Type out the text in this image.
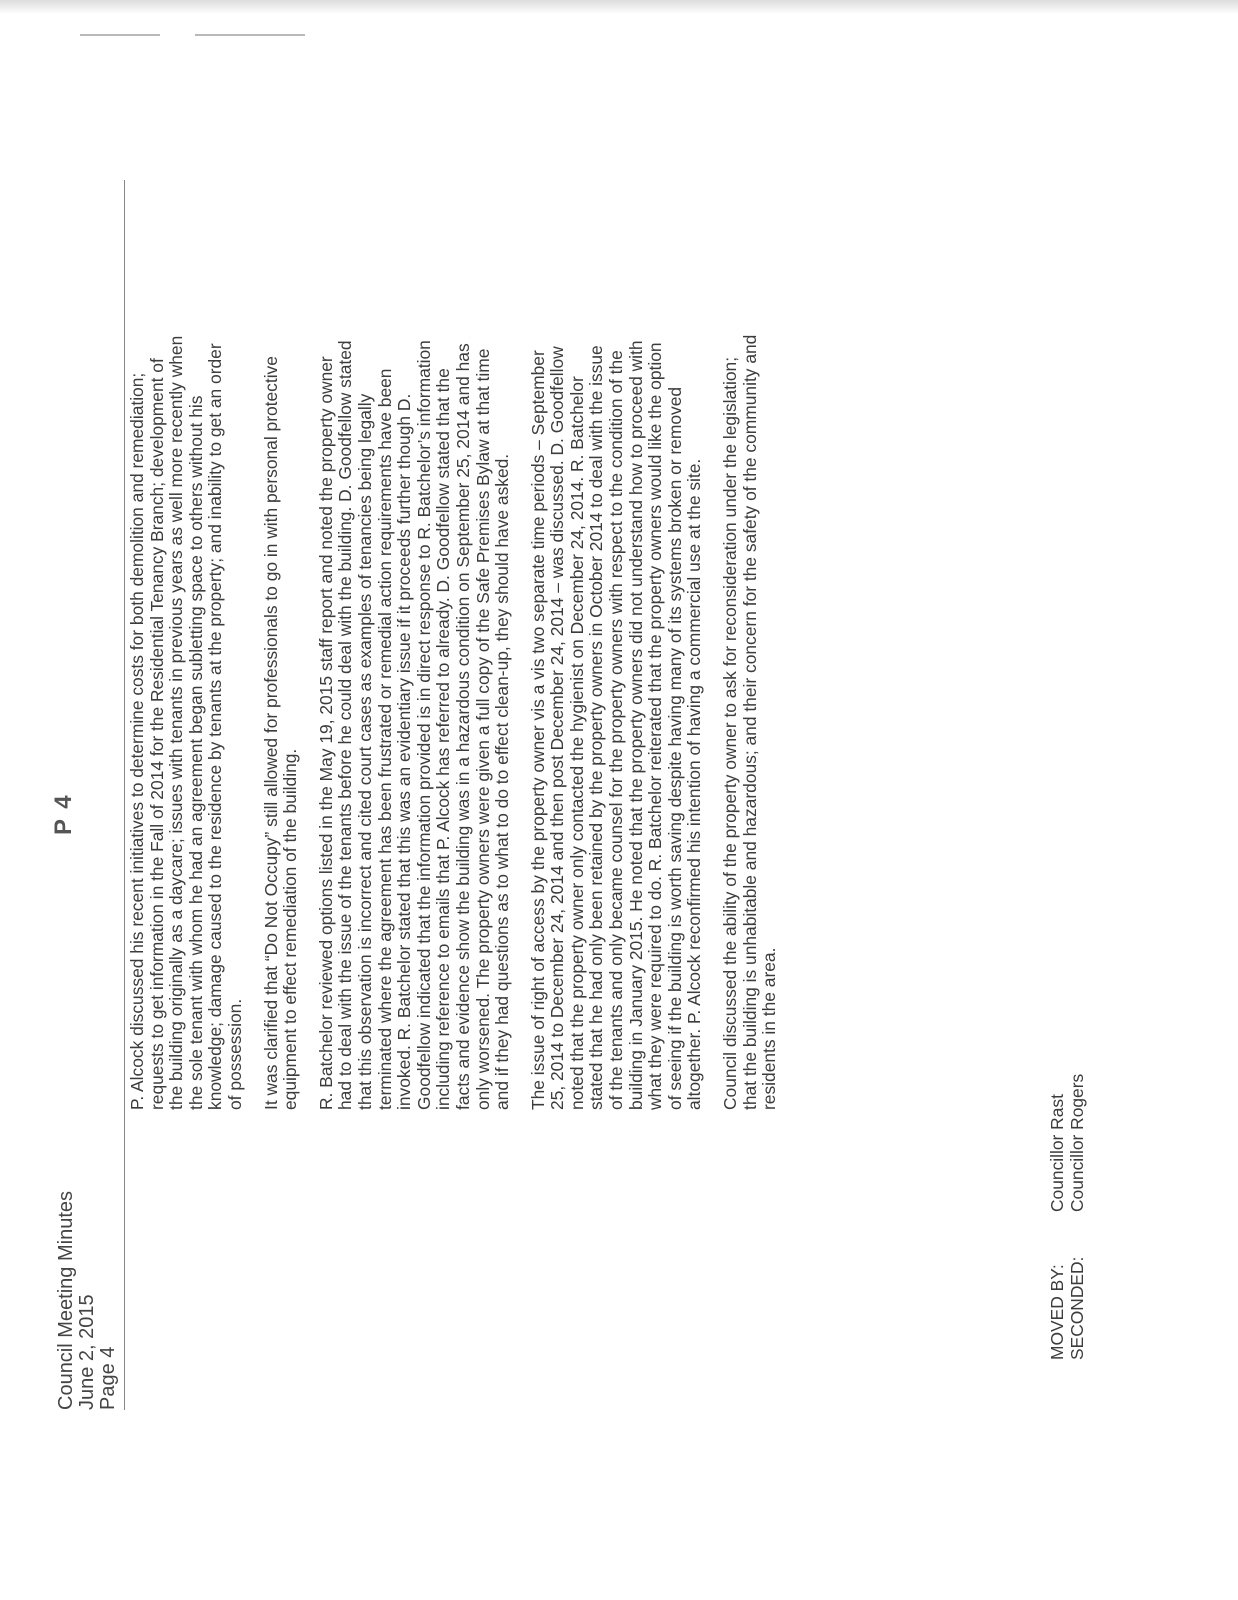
Council Meeting Minutes June 2, 2015 Page 4
P 4	P. Alcock discussed his recent initiatives to determine costs for both demolition and remediation; requests to get information in the Fall of 2014 for the Residential Tenancy Branch; development of the building originally as a daycare; issues with tenants in previous years as well more recently when the sole tenant with whom he had an agreement began subletting space to others without his knowledge; damage caused to the residence by tenants at the property; and inability to get an order of possession. It was clarified that “Do Not Occupy” still allowed for professionals to go in with personal protective equipment to effect remediation of the building. R. Batchelor reviewed options listed in the May 19, 2015 staff report and noted the property owner had to deal with the issue of the tenants before he could deal with the building. D. Goodfellow stated that this observation is incorrect and cited court cases as examples of tenancies being legally terminated where the agreement has been frustrated or remedial action requirements have been invoked. R. Batchelor stated that this was an evidentiary issue if it proceeds further though D. Goodfellow indicated that the information provided is in direct response to R. Batchelor’s information including reference to emails that P. Alcock has referred to already. D. Goodfellow stated that the facts and evidence show the building was in a hazardous condition on September 25, 2014 and has only worsened. The property owners were given a full copy of the Safe Premises Bylaw at that time and if they had questions as to what to do to effect clean-up, they should have asked. The issue of right of access by the property owner vis a vis two separate time periods – September 25, 2014 to December 24, 2014 and then post December 24, 2014 – was discussed. D. Goodfellow noted that the property owner only contacted the hygienist on December 24, 2014. R. Batchelor stated that he had only been retained by the property owners in October 2014 to deal with the issue of the tenants and only became counsel for the property owners with respect to the condition of the building in January 2015. He noted that the property owners did not understand how to proceed with what they were required to do. R. Batchelor reiterated that the property owners would like the option of seeing if the building is worth saving despite having many of its systems broken or removed altogether. P. Alcock reconfirmed his intention of having a commercial use at the site. Council discussed the ability of the property owner to ask for reconsideration under the legislation; that the building is unhabitable and hazardous; and their concern for the safety of the community and residents in the area.

MOVED BY:
Councillor Rast
SECONDED:
Councillor Rogers
